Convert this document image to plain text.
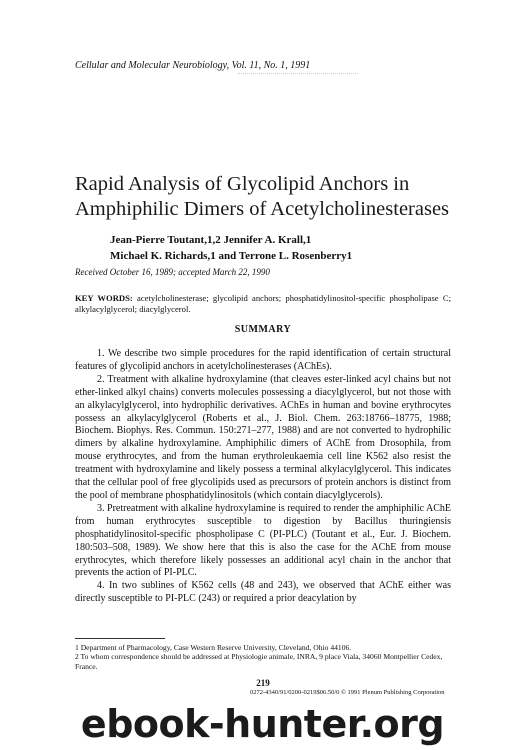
Cellular and Molecular Neurobiology, Vol. 11, No. 1, 1991
Rapid Analysis of Glycolipid Anchors in
Amphiphilic Dimers of Acetylcholinesterases
Jean-Pierre Toutant,1,2 Jennifer A. Krall,1
Michael K. Richards,1 and Terrone L. Rosenberry1
Received October 16, 1989; accepted March 22, 1990
KEY WORDS: acetylcholinesterase; glycolipid anchors; phosphatidylinositol-specific phospholipase C; alkylacylglycerol; diacylglycerol.
SUMMARY

1. We describe two simple procedures for the rapid identification of certain structural features of glycolipid anchors in acetylcholinesterases (AChEs).

2. Treatment with alkaline hydroxylamine (that cleaves ester-linked acyl chains but not ether-linked alkyl chains) converts molecules possessing a diacylglycerol, but not those with an alkylacylglycerol, into hydrophilic derivatives. AChEs in human and bovine erythrocytes possess an alkylacylglycerol (Roberts et al., J. Biol. Chem. 263:18766–18775, 1988; Biochem. Biophys. Res. Commun. 150:271–277, 1988) and are not converted to hydrophilic dimers by alkaline hydroxylamine. Amphiphilic dimers of AChE from Drosophila, from mouse erythrocytes, and from the human erythroleukaemia cell line K562 also resist the treatment with hydroxylamine and likely possess a terminal alkylacylglycerol. This indicates that the cellular pool of free glycolipids used as precursors of protein anchors is distinct from the pool of membrane phosphatidylinositols (which contain diacylglycerols).

3. Pretreatment with alkaline hydroxylamine is required to render the amphiphilic AChE from human erythrocytes susceptible to digestion by Bacillus thuringiensis phosphatidylinositol-specific phospholipase C (PI-PLC) (Toutant et al., Eur. J. Biochem. 180:503–508, 1989). We show here that this is also the case for the AChE from mouse erythrocytes, which therefore likely possesses an additional acyl chain in the anchor that prevents the action of PI-PLC.

4. In two sublines of K562 cells (48 and 243), we observed that AChE either was directly susceptible to PI-PLC (243) or required a prior deacylation by

1 Department of Pharmacology, Case Western Reserve University, Cleveland, Ohio 44106.

2 To whom correspondence should be addressed at Physiologie animale, INRA, 9 place Viala, 34060 Montpellier Cedex, France.

219
0272-4340/91/0200-0219$06.50/0 © 1991 Plenum Publishing Corporation
ebook-hunter.org
